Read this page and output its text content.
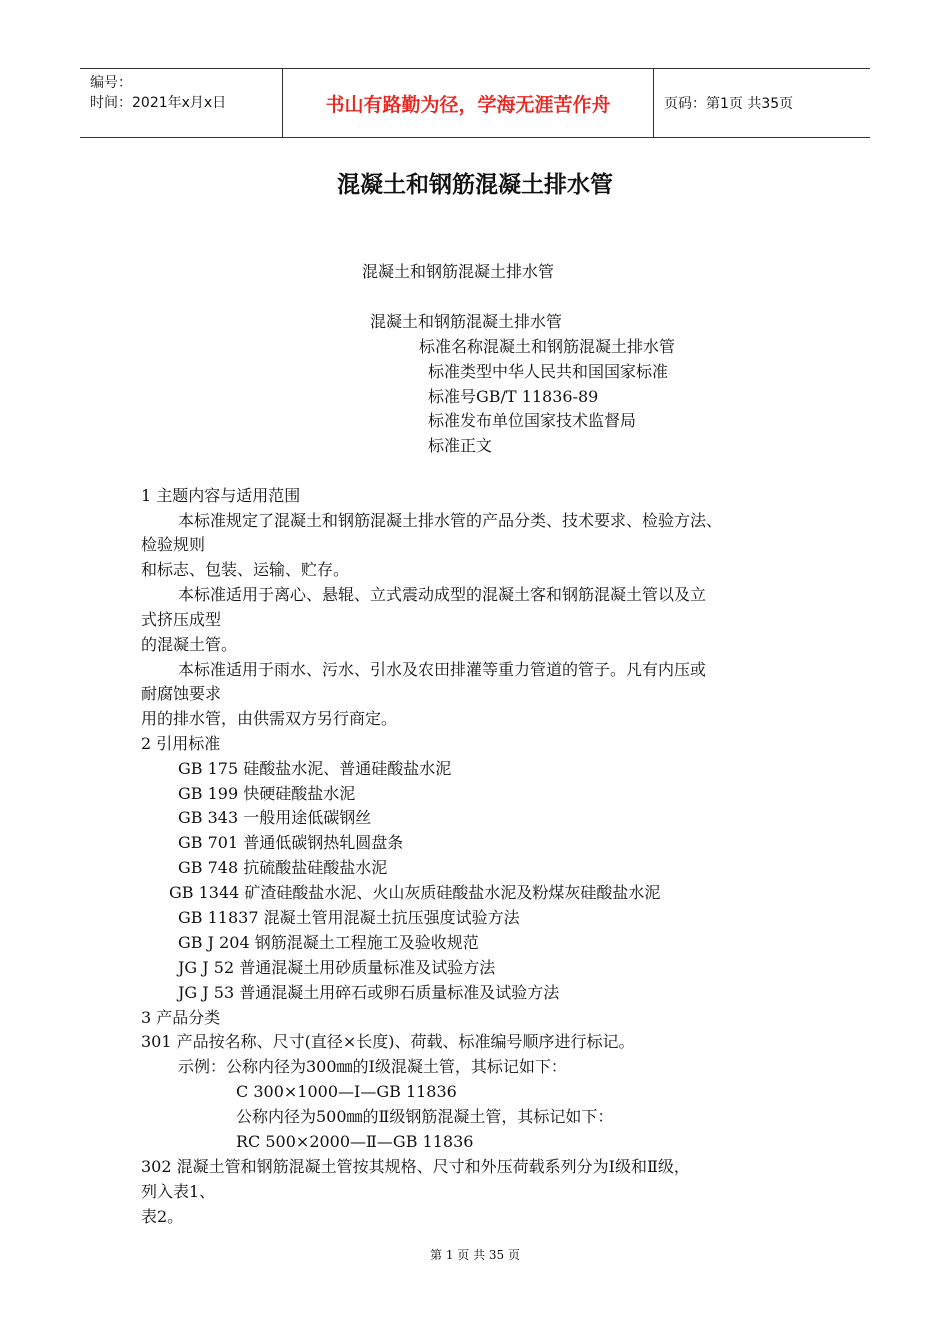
编号：
时间：2021年x月x日	书山有路勤为径，学海无涯苦作舟	页码：第1页 共35页
混凝土和钢筋混凝土排水管
混凝土和钢筋混凝土排水管
混凝土和钢筋混凝土排水管
标准名称混凝土和钢筋混凝土排水管
标准类型中华人民共和国国家标准
标准号GB/T 11836-89
标准发布单位国家技术监督局
标准正文
1 主题内容与适用范围
本标准规定了混凝土和钢筋混凝土排水管的产品分类、技术要求、检验方法、
检验规则
和标志、包装、运输、贮存。
本标准适用于离心、悬辊、立式震动成型的混凝土客和钢筋混凝土管以及立
式挤压成型
的混凝土管。
本标准适用于雨水、污水、引水及农田排灌等重力管道的管子。凡有内压或
耐腐蚀要求
用的排水管，由供需双方另行商定。
2 引用标准
GB 175 硅酸盐水泥、普通硅酸盐水泥
GB 199 快硬硅酸盐水泥
GB 343 一般用途低碳钢丝
GB 701 普通低碳钢热轧圆盘条
GB 748 抗硫酸盐硅酸盐水泥
GB 1344 矿渣硅酸盐水泥、火山灰质硅酸盐水泥及粉煤灰硅酸盐水泥
GB 11837 混凝土管用混凝土抗压强度试验方法
GB J 204 钢筋混凝土工程施工及验收规范
JG J 52 普通混凝土用砂质量标准及试验方法
JG J 53 普通混凝土用碎石或卵石质量标准及试验方法
3 产品分类
301 产品按名称、尺寸(直径×长度)、荷载、标准编号顺序进行标记。
示例：公称内径为300㎜的Ⅰ级混凝土管，其标记如下：
C 300×1000—Ⅰ—GB 11836
公称内径为500㎜的Ⅱ级钢筋混凝土管，其标记如下：
RC 500×2000—Ⅱ—GB 11836
302 混凝土管和钢筋混凝土管按其规格、尺寸和外压荷载系列分为Ⅰ级和Ⅱ级，
列入表1、
表2。
第 1 页 共 35 页
